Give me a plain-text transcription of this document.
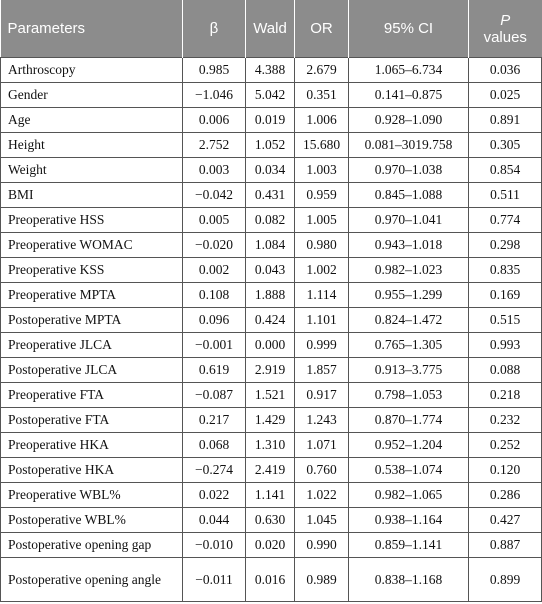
Parameters	β	Wald	OR	95% CI	P
values
Arthroscopy	0.985	4.388	2.679	1.065–6.734	0.036
Gender	−1.046	5.042	0.351	0.141–0.875	0.025
Age	0.006	0.019	1.006	0.928–1.090	0.891
Height	2.752	1.052	15.680	0.081–3019.758	0.305
Weight	0.003	0.034	1.003	0.970–1.038	0.854
BMI	−0.042	0.431	0.959	0.845–1.088	0.511
Preoperative HSS	0.005	0.082	1.005	0.970–1.041	0.774
Preoperative WOMAC	−0.020	1.084	0.980	0.943–1.018	0.298
Preoperative KSS	0.002	0.043	1.002	0.982–1.023	0.835
Preoperative MPTA	0.108	1.888	1.114	0.955–1.299	0.169
Postoperative MPTA	0.096	0.424	1.101	0.824–1.472	0.515
Preoperative JLCA	−0.001	0.000	0.999	0.765–1.305	0.993
Postoperative JLCA	0.619	2.919	1.857	0.913–3.775	0.088
Preoperative FTA	−0.087	1.521	0.917	0.798–1.053	0.218
Postoperative FTA	0.217	1.429	1.243	0.870–1.774	0.232
Preoperative HKA	0.068	1.310	1.071	0.952–1.204	0.252
Postoperative HKA	−0.274	2.419	0.760	0.538–1.074	0.120
Preoperative WBL%	0.022	1.141	1.022	0.982–1.065	0.286
Postoperative WBL%	0.044	0.630	1.045	0.938–1.164	0.427
Postoperative opening gap	−0.010	0.020	0.990	0.859–1.141	0.887
Postoperative opening angle	−0.011	0.016	0.989	0.838–1.168	0.899
